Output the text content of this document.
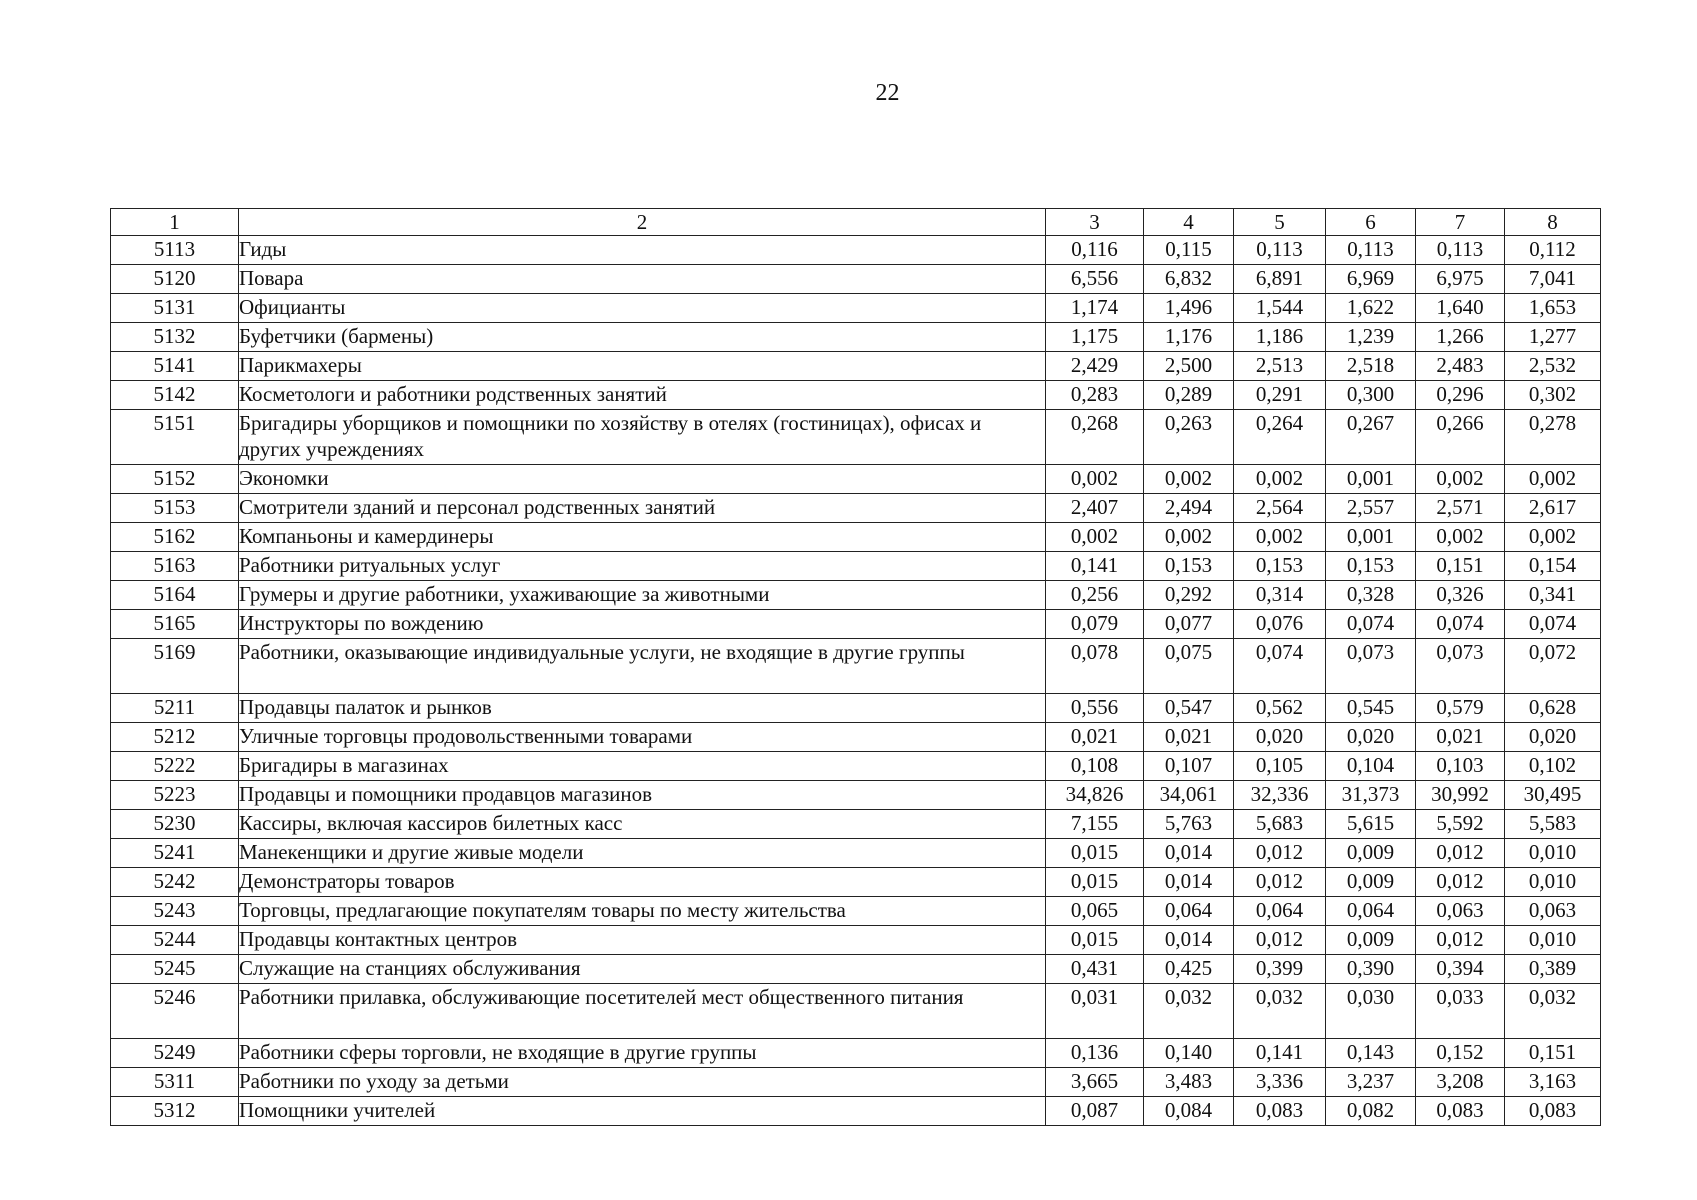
22
1	2	3	4	5	6	7	8
5113	Гиды	0,116	0,115	0,113	0,113	0,113	0,112
5120	Повара	6,556	6,832	6,891	6,969	6,975	7,041
5131	Официанты	1,174	1,496	1,544	1,622	1,640	1,653
5132	Буфетчики (бармены)	1,175	1,176	1,186	1,239	1,266	1,277
5141	Парикмахеры	2,429	2,500	2,513	2,518	2,483	2,532
5142	Косметологи и работники родственных занятий	0,283	0,289	0,291	0,300	0,296	0,302
5151	Бригадиры уборщиков и помощники по хозяйству в отелях (гостиницах), офисах и других учреждениях	0,268	0,263	0,264	0,267	0,266	0,278
5152	Экономки	0,002	0,002	0,002	0,001	0,002	0,002
5153	Смотрители зданий и персонал родственных занятий	2,407	2,494	2,564	2,557	2,571	2,617
5162	Компаньоны и камердинеры	0,002	0,002	0,002	0,001	0,002	0,002
5163	Работники ритуальных услуг	0,141	0,153	0,153	0,153	0,151	0,154
5164	Грумеры и другие работники, ухаживающие за животными	0,256	0,292	0,314	0,328	0,326	0,341
5165	Инструкторы по вождению	0,079	0,077	0,076	0,074	0,074	0,074
5169	Работники, оказывающие индивидуальные услуги, не входящие в другие группы	0,078	0,075	0,074	0,073	0,073	0,072
5211	Продавцы палаток и рынков	0,556	0,547	0,562	0,545	0,579	0,628
5212	Уличные торговцы продовольственными товарами	0,021	0,021	0,020	0,020	0,021	0,020
5222	Бригадиры в магазинах	0,108	0,107	0,105	0,104	0,103	0,102
5223	Продавцы и помощники продавцов магазинов	34,826	34,061	32,336	31,373	30,992	30,495
5230	Кассиры, включая кассиров билетных касс	7,155	5,763	5,683	5,615	5,592	5,583
5241	Манекенщики и другие живые модели	0,015	0,014	0,012	0,009	0,012	0,010
5242	Демонстраторы товаров	0,015	0,014	0,012	0,009	0,012	0,010
5243	Торговцы, предлагающие покупателям товары по месту жительства	0,065	0,064	0,064	0,064	0,063	0,063
5244	Продавцы контактных центров	0,015	0,014	0,012	0,009	0,012	0,010
5245	Служащие на станциях обслуживания	0,431	0,425	0,399	0,390	0,394	0,389
5246	Работники прилавка, обслуживающие посетителей мест общественного питания	0,031	0,032	0,032	0,030	0,033	0,032
5249	Работники сферы торговли, не входящие в другие группы	0,136	0,140	0,141	0,143	0,152	0,151
5311	Работники по уходу за детьми	3,665	3,483	3,336	3,237	3,208	3,163
5312	Помощники учителей	0,087	0,084	0,083	0,082	0,083	0,083
